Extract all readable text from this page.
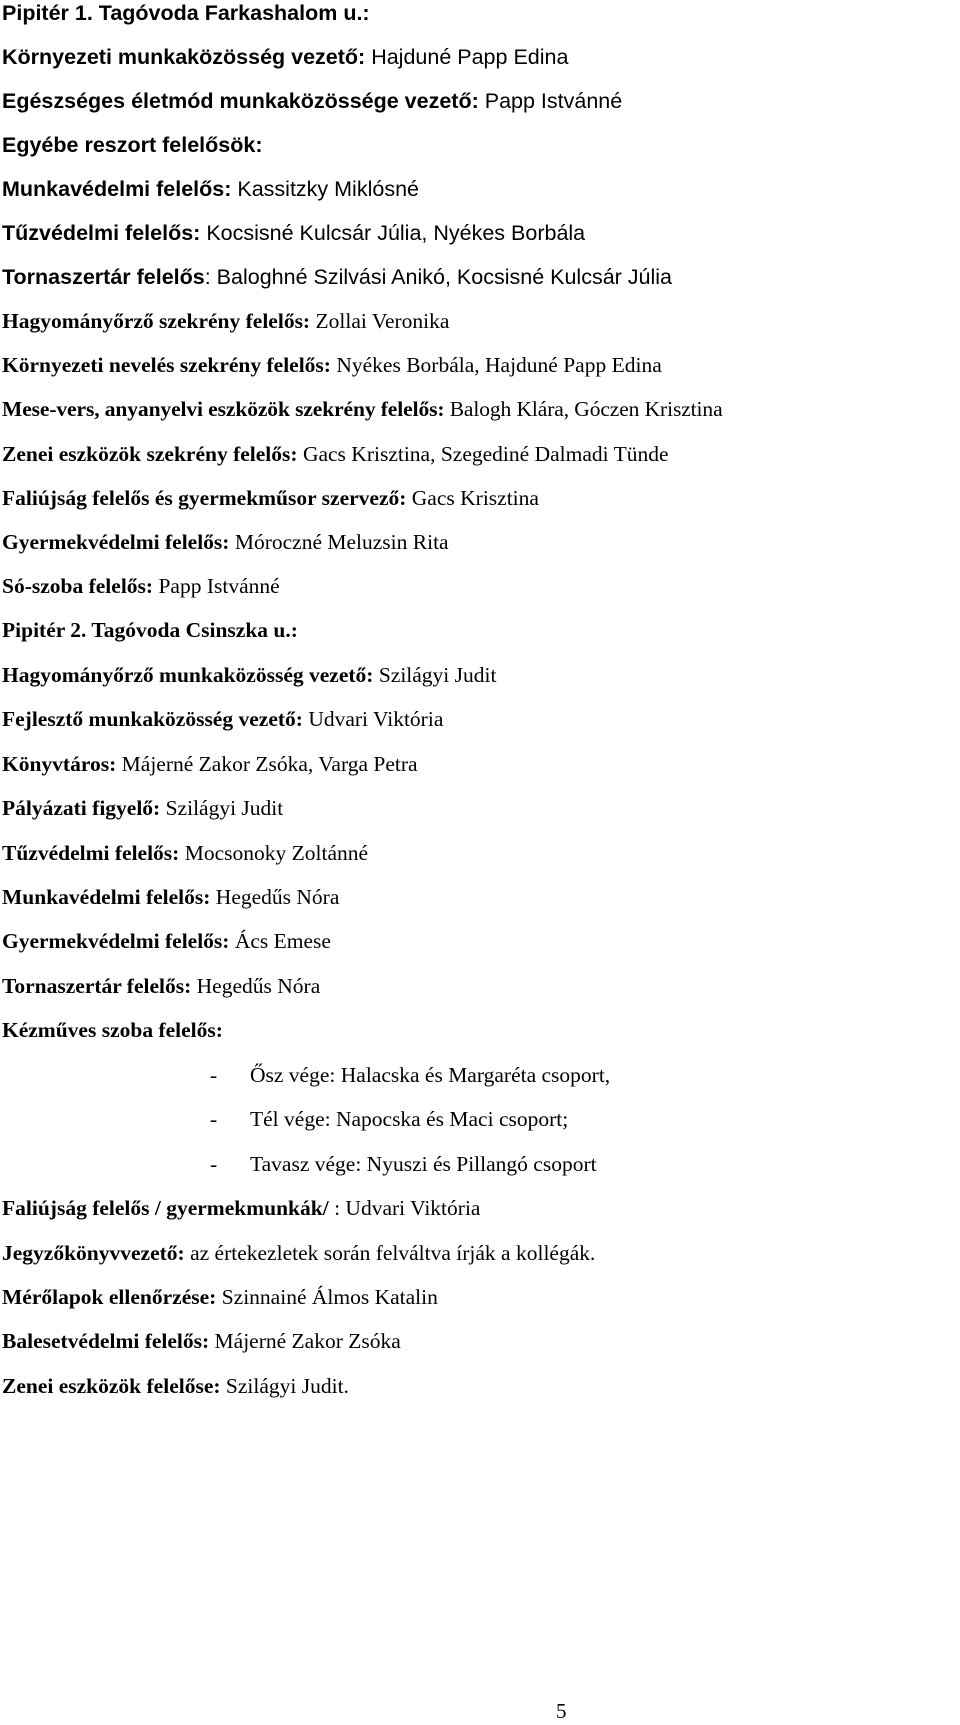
Pipitér 1. Tagóvoda Farkashalom u.:
Környezeti munkaközösség vezető: Hajduné Papp Edina
Egészséges életmód munkaközössége vezető: Papp Istvánné
Egyébe reszort felelősök:
Munkavédelmi felelős: Kassitzky Miklósné
Tűzvédelmi felelős: Kocsisné Kulcsár Júlia, Nyékes Borbála
Tornaszertár felelős: Baloghné Szilvási Anikó, Kocsisné Kulcsár Júlia
Hagyományőrző szekrény felelős: Zollai Veronika
Környezeti nevelés szekrény felelős: Nyékes Borbála, Hajduné Papp Edina
Mese-vers, anyanyelvi eszközök szekrény felelős: Balogh Klára, Góczen Krisztina
Zenei eszközök szekrény felelős: Gacs Krisztina, Szegediné Dalmadi Tünde
Faliújság felelős és gyermekműsor szervező: Gacs Krisztina
Gyermekvédelmi felelős: Móroczné Meluzsin Rita
Só-szoba felelős: Papp Istvánné
Pipitér 2. Tagóvoda Csinszka u.:
Hagyományőrző munkaközösség vezető: Szilágyi Judit
Fejlesztő munkaközösség vezető: Udvari Viktória
Könyvtáros: Májerné Zakor Zsóka, Varga Petra
Pályázati figyelő: Szilágyi Judit
Tűzvédelmi felelős: Mocsonoky Zoltánné
Munkavédelmi felelős: Hegedűs Nóra
Gyermekvédelmi felelős: Ács Emese
Tornaszertár felelős: Hegedűs Nóra
Kézműves szoba felelős:
- Ősz vége: Halacska és Margaréta csoport,
- Tél vége: Napocska és Maci csoport;
- Tavasz vége: Nyuszi és Pillangó csoport
Faliújság felelős / gyermekmunkák/ : Udvari Viktória
Jegyzőkönyvvezető: az értekezletek során felváltva írják a kollégák.
Mérőlapok ellenőrzése: Szinnainé Álmos Katalin
Balesetvédelmi felelős: Májerné Zakor Zsóka
Zenei eszközök felelőse: Szilágyi Judit.
5
